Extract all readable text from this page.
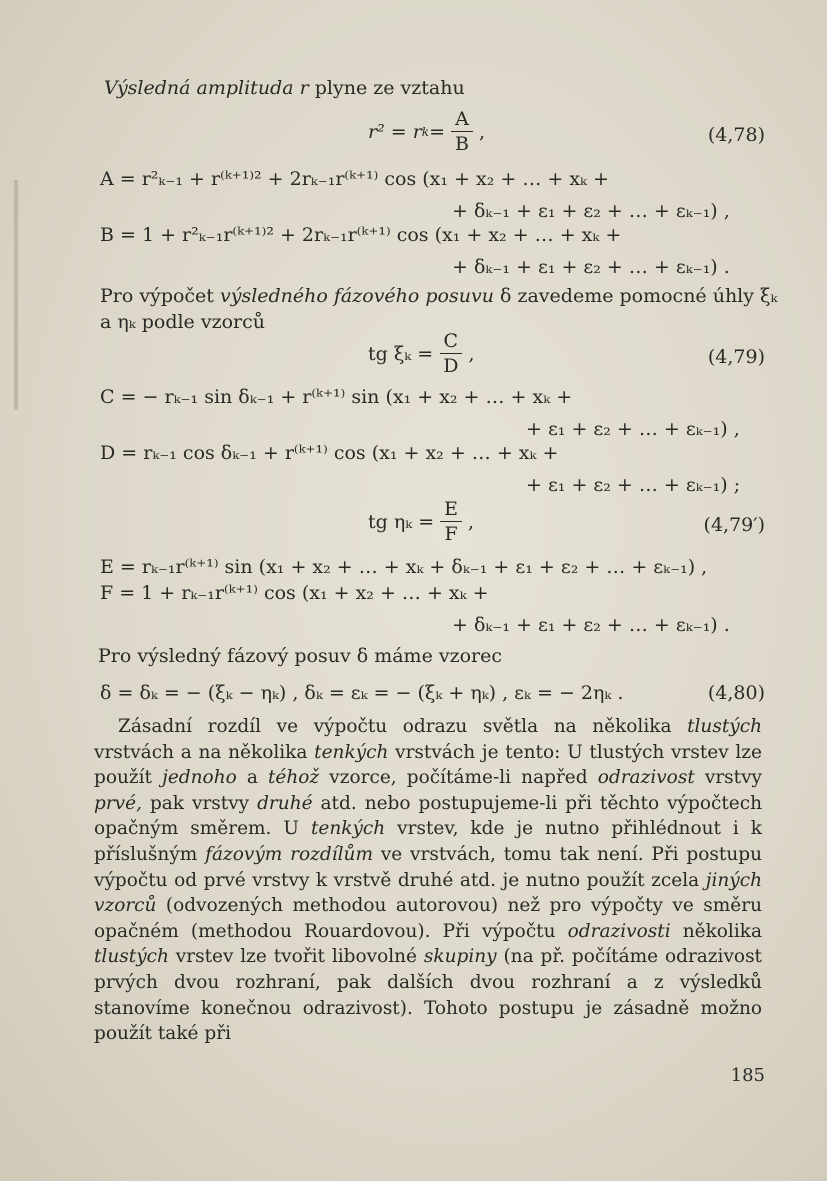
Výsledná amplituda r plyne ze vztahu
r² = r $k = \frac{A}{B}$ ,	(4,78)
A = r²ₖ₋₁ + r⁽ᵏ⁺¹⁾² + 2rₖ₋₁r⁽ᵏ⁺¹⁾ cos (x₁ + x₂ + … + xₖ +
+ δₖ₋₁ + ε₁ + ε₂ + … + εₖ₋₁) ,
B = 1 + r²ₖ₋₁r⁽ᵏ⁺¹⁾² + 2rₖ₋₁r⁽ᵏ⁺¹⁾ cos (x₁ + x₂ + … + xₖ +
+ δₖ₋₁ + ε₁ + ε₂ + … + εₖ₋₁) .
Pro výpočet výsledného fázového posuvu δ zavedeme pomocné úhly ξₖ
a ηₖ podle vzorců
tg $\xi_k = \frac{C}{D}$ ,	(4,79)
C = − rₖ₋₁ sin δₖ₋₁ + r⁽ᵏ⁺¹⁾ sin (x₁ + x₂ + … + xₖ +
+ ε₁ + ε₂ + … + εₖ₋₁) ,
D = rₖ₋₁ cos δₖ₋₁ + r⁽ᵏ⁺¹⁾ cos (x₁ + x₂ + … + xₖ +
+ ε₁ + ε₂ + … + εₖ₋₁) ;
tg $\eta_k = \frac{E}{F}$ ,	(4,79′)
E = rₖ₋₁r⁽ᵏ⁺¹⁾ sin (x₁ + x₂ + … + xₖ + δₖ₋₁ + ε₁ + ε₂ + … + εₖ₋₁) ,
F = 1 + rₖ₋₁r⁽ᵏ⁺¹⁾ cos (x₁ + x₂ + … + xₖ +
+ δₖ₋₁ + ε₁ + ε₂ + … + εₖ₋₁) .
Pro výsledný fázový posuv δ máme vzorec
δ = δₖ = − (ξₖ − ηₖ) , δₖ = εₖ = − (ξₖ + ηₖ) , εₖ = − 2ηₖ .	(4,80)

Zásadní rozdíl ve výpočtu odrazu světla na několika tlustých vrstvách a na několika tenkých vrstvách je tento: U tlustých vrstev lze použít jednoho a téhož vzorce, počítáme-li napřed odrazivost vrstvy prvé, pak vrstvy druhé atd. nebo postupujeme-li při těchto výpočtech opačným směrem. U tenkých vrstev, kde je nutno přihlédnout i k příslušným fázovým rozdílům ve vrstvách, tomu tak není. Při postupu výpočtu od prvé vrstvy k vrstvě druhé atd. je nutno použít zcela jiných vzorců (odvozených methodou autorovou) než pro výpočty ve směru opačném (methodou Rouardovou). Při výpočtu odrazivosti několika tlustých vrstev lze tvořit libovolné skupiny (na př. počítáme odrazivost prvých dvou rozhraní, pak dalších dvou rozhraní a z výsledků stanovíme konečnou odrazivost). Tohoto postupu je zásadně možno použít také při

185
